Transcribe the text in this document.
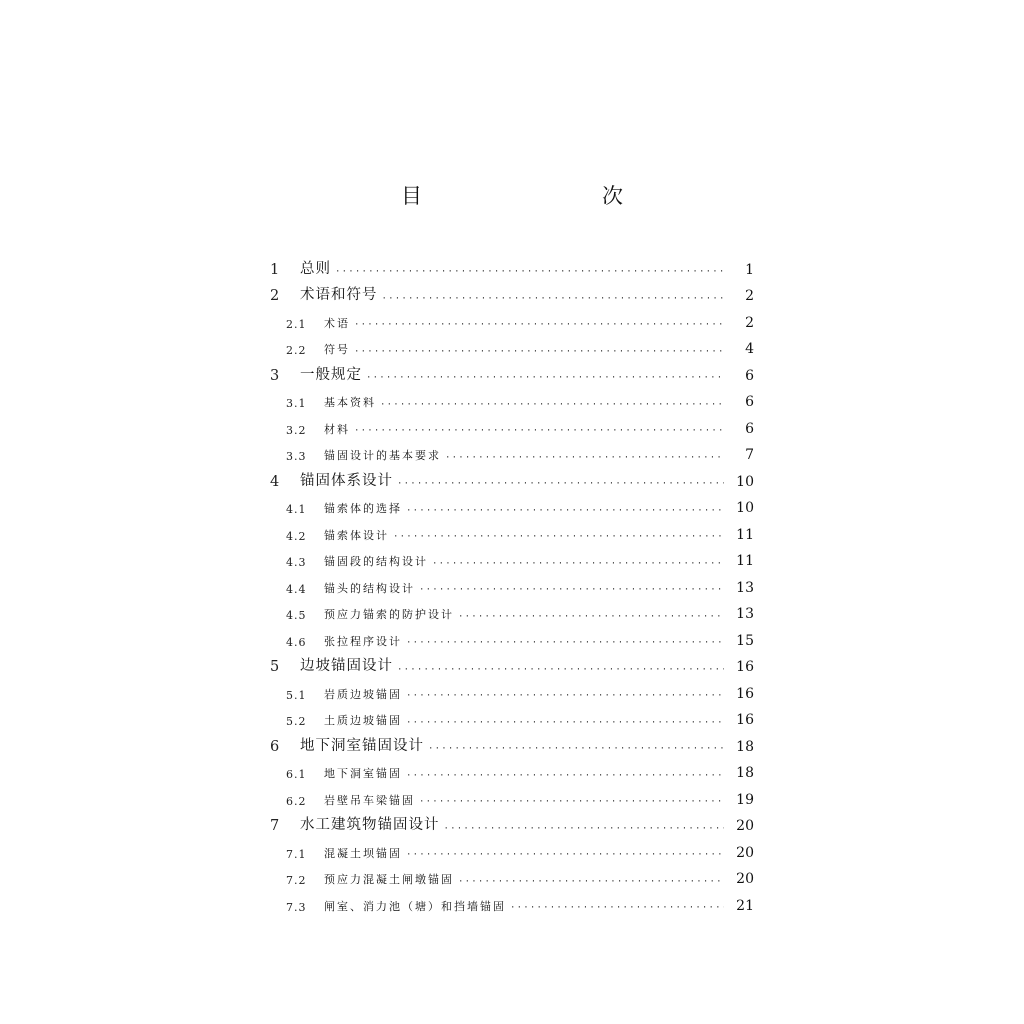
目　　次
1	总则 ·····	1
2	术语和符号 ·····	2
2.1	术语 ·····	2
2.2	符号 ·····	4
3	一般规定 ·····	6
3.1	基本资料 ·····	6
3.2	材料 ·····	6
3.3	锚固设计的基本要求 ·····	7
4	锚固体系设计 ·····	10
4.1	锚索体的选择 ·····	10
4.2	锚索体设计 ·····	11
4.3	锚固段的结构设计 ·····	11
4.4	锚头的结构设计 ·····	13
4.5	预应力锚索的防护设计 ·····	13
4.6	张拉程序设计 ·····	15
5	边坡锚固设计 ·····	16
5.1	岩质边坡锚固 ·····	16
5.2	土质边坡锚固 ·····	16
6	地下洞室锚固设计 ·····	18
6.1	地下洞室锚固 ·····	18
6.2	岩壁吊车梁锚固 ·····	19
7	水工建筑物锚固设计 ·····	20
7.1	混凝土坝锚固 ·····	20
7.2	预应力混凝土闸墩锚固 ·····	20
7.3	闸室、消力池（塘）和挡墙锚固 ·····	21
